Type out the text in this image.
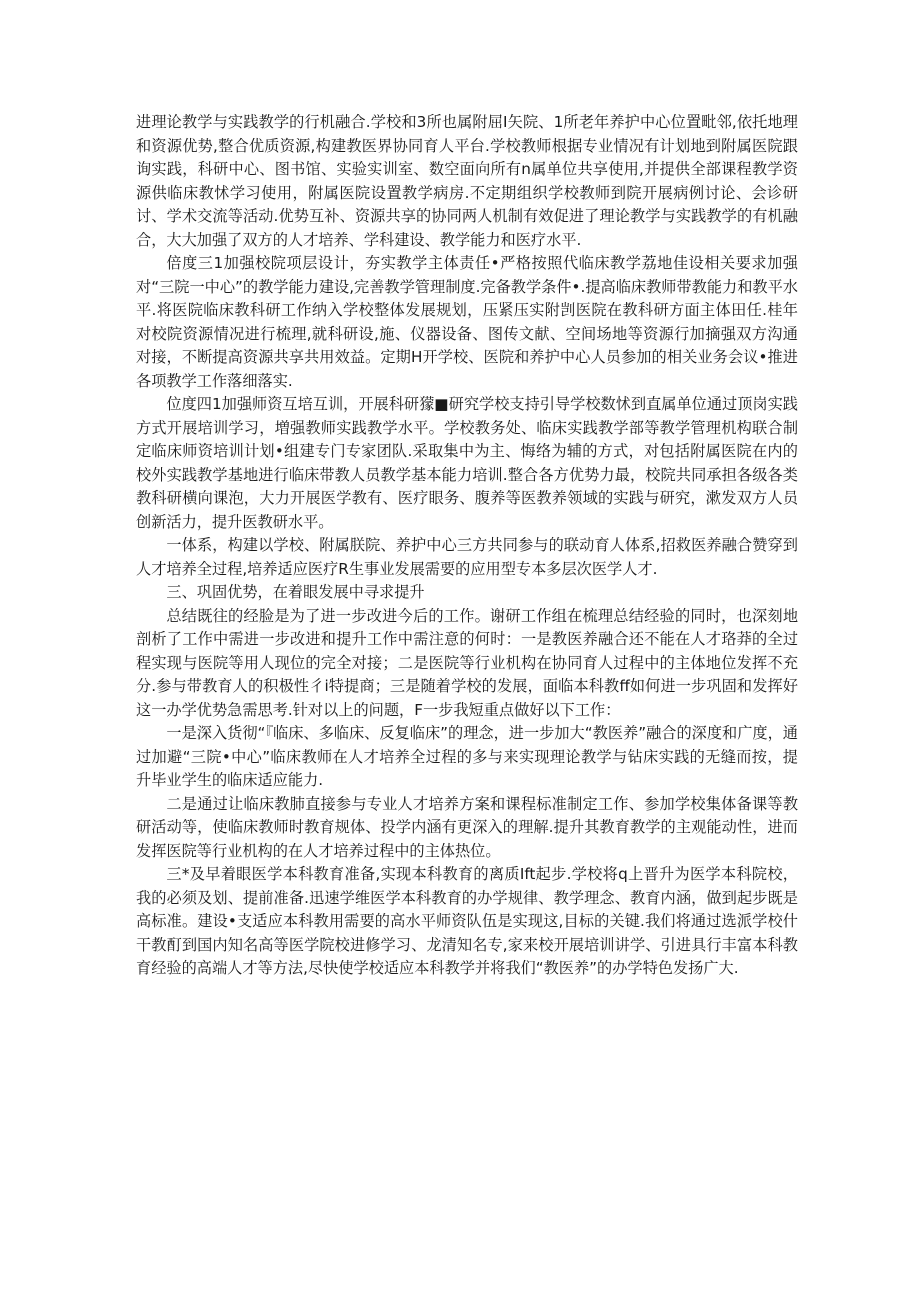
进理论教学与实践教学的行机融合.学校和3所也属附屈I矢院、1所老年养护中心位置毗邻,依托地理和资源优势,整合优质资源,构建教医界协同育人平台.学校教师根据专业情况有计划地到附属医院跟询实践，科研中心、图书馆、实验实训室、数空面向所有n属单位共享使用,并提供全部课程教学资源供临床教怵学习使用，附属医院设置教学病房.不定期组织学校教师到院开展病例讨论、会诊研讨、学术交流等活动.优势互补、资源共享的协同两人机制有效促进了理论教学与实践教学的有机融合，大大加强了双方的人才培养、学科建设、教学能力和医疗水平.

倍度三1加强校院项层设计，夯实教学主体责任•严格按照代临床教学荔地佳设相关要求加强对“三院一中心”的教学能力建设,完善教学管理制度.完备教学条件•.提高临床教师带教能力和教平水平.将医院临床教科研工作纳入学校整体发展规划，压紧压实附剀医院在教科研方面主体田任.桂年对校院资源情况进行梳理,就科研设,施、仪器设备、图传文献、空间场地等资源行加摘强双方沟通对接，不断提高资源共享共用效益。定期H开学校、医院和养护中心人员参加的相关业务会议•推进各项教学工作落细落实.

位度四1加强师资互培互训，开展科研獴■研究学校支持引导学校数怵到直属单位通过顶岗实践方式开展培训学习，増强教师实践教学水平。学校教务处、临床实践教学部等教学管理机构联合制定临床师资培训计划•组建专门专家团队.采取集中为主、悔络为辅的方式，对包括附属医院在内的校外实践教学基地进行临床带教人员教学基本能力培训.整合各方优势力最，校院共同承担各级各类教科研横向课泡，大力开展医学教有、医疗眼务、腹养等医教养领域的实践与研究，漱发双方人员创新活力，提升医教研水平。

一体系，构建以学校、附属朕院、养护中心三方共同参与的联动育人体系,招救医养融合赞穿到人才培养全过程,培养适应医疗R生事业发展需要的应用型专本多层次医学人才.

三、巩固优势，在着眼发展中寻求提升

总结既往的经脸是为了进一步改进今后的工作。谢研工作组在梳理总结经验的同时，也深刻地剖析了工作中需进一步改进和提升工作中需注意的何时：一是教医养融合还不能在人才珞莽的全过程实现与医院等用人现位的完全对接；二是医院等行业机构在协同育人过程中的主体地位发挥不充分.参与带教育人的积极性彳i特提商；三是随着学校的发展，面临本科教ff如何进一步巩固和发挥好这一办学优势急需思考.针对以上的问题，F一步我短重点做好以下工作：

一是深入货彻“『临床、多临床、反复临床”的理念，进一步加大“教医养”融合的深度和广度，通过加避“三院•中心”临床教师在人才培养全过程的多与来实现理论教学与钻床实践的无缝而按，提升毕业学生的临床适应能力.

二是通过让临床教肺直接参与专业人才培养方案和课程标准制定工作、参加学校集体备课等教研活动等，使临床教师时教育规体、投学内涵有更深入的理解.提升其教育教学的主观能动性，进而发挥医院等行业机构的在人才培养过程中的主体热位。

三*及早着眼医学本科教育准备,实现本科教育的离质Ift起步.学校将q上晋升为医学本科院校，我的必须及划、提前准备.迅速学维医学本科教育的办学规律、教学理念、教育内涵，做到起步既是高标准。建设•支适应本科教用需要的高水平师资队伍是实现这,目标的关键.我们将通过选派学校什干教酊到国内知名高等医学院校进修学习、龙清知名专,家来校开展培训讲学、引进具行丰富本科教育经验的高端人才等方法,尽快使学校适应本科教学并将我们“教医养”的办学特色发扬广大.
